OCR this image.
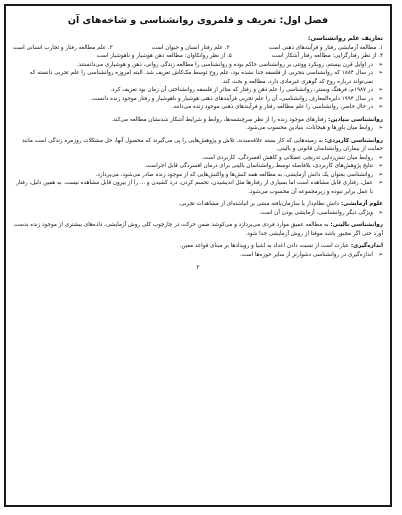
فصل اول: تعریف و قلمروی روانشناسی و شاخه‌های آن
تعاریف علم روانشناسی:
۱. مطالعه آزمایشی رفتار و فرآیندهای ذهنی است
۲. علم رفتار انسان و حیوان است
۳. علم مطالعه رفتار و تجارب انسانی است
۴. از نظر رفتارگرایی: مطالعه رفتار آشکار است
۵. از نظر روانکاوان: مطالعه ذهن هوشیار و ناهوشیار است
➢ در اوایل قرن بیستم، روبکرد وونتی بر روانشناسی حاکم بوده و روانشناسی را مطالعه زندگی روانی، ذهن و هوشیاری می‌دانستند.
➢ در سال ۱۸۸۴ که روانشناسی بتجربی از فلسفه جدا نشده بود، علم روح توسط مک‌کاش تعریف شد. البته امروزه روانشناسی را علم تجربی دانسته که نمی‌تواند درباره روح که گوهری غیرمادی دارد، مطالعه و بحث کند.
➢ در ۱۹۸۷م، فرهنگ وبستر، روانشناسی را علم ذهن و رفتار که متاثر از فلسفه روانشناختی آن زمان بود تعریف کرد.
➢ در سال ۱۹۹۴ دایره‌المعارف روانشناسی، آن را علم تجربی فرآیندهای ذهنی هوشیار و ناهوشیار و رفتار موجود زنده دانست.
➢ در حال حاضر، روانشناسی را علم مطالعه رفتار و فرآیندهای ذهنی موجود زنده می‌دانند.
روانشناسی بنیادین: رفتارهای موجود زنده را از نظر سرچشمه‌ها، روابط و شرایط آشکار شدنشان مطالعه می‌کند.
➢ روابط میان باورها و هیجانات، بنیادین محسوب می‌شود.
روانشناسی کاربردی: به زمینه‌هایی که کار بسته علاقه‌مندند، تلاش و پژوهش‌هایی را پی می‌گیرند که محصول آنها، حل مشکلات روزمره زندگی است مانند حمایت از بیماران روانشناسان قانونی و بالینی.
➢ روابط میان تنش‌زدایی تدریجی عضلانی و کاهش افسردگی، کاربردی است.
➢ نتایج پژوهش‌های کاربردی، بلافاصله توسط روانشناسان بالینی برای درمان افسردگی قابل اجراست.
➢ روانشناسی بعنوان یک دانش آزمایشی، به مطالعه همه کنش‌ها و واکنش‌هایی که از موجود زنده صادر می‌شود، می‌پردازد.
➢ عمل، رفتاری قابل مشاهده است اما بسیاری از رفتارها مثل اندیشیدن، تجسم کردن، درد کشیدن و ... را از بیرون قابل مشاهده نیست. به همین دلیل، رفتار با عمل برابر نبوده و زیرمجموعه آن محسوب می‌شود.
علوم آزمایشی: دانش نظام‌دار یا سازمان‌یافته مبتنی بر انباشته‌ای از مشاهدات تجربی.
➢ ویژگی دیگر روانشناسی، آزمایشی بودن آن است.
روانشناسی بالینی: به مطالعه عمیق موارد فردی می‌پردازد و می‌کوشد ضمن حرکت در چارچوب کلی روش آزمایشی، داده‌های بیشتری از موجود زنده بدست آورد حتی اگر مجبور باشد موقتا از روش آزمایشی جدا شود.
اندازه‌گیری: عبارت است از نسبت دادن اعداد به اشیا و رویدادها بر مبنای قواعد معین.
➢ اندازه‌گیری در روانشناسی دشوارتر از سایر حوزه‌ها است.
۲
